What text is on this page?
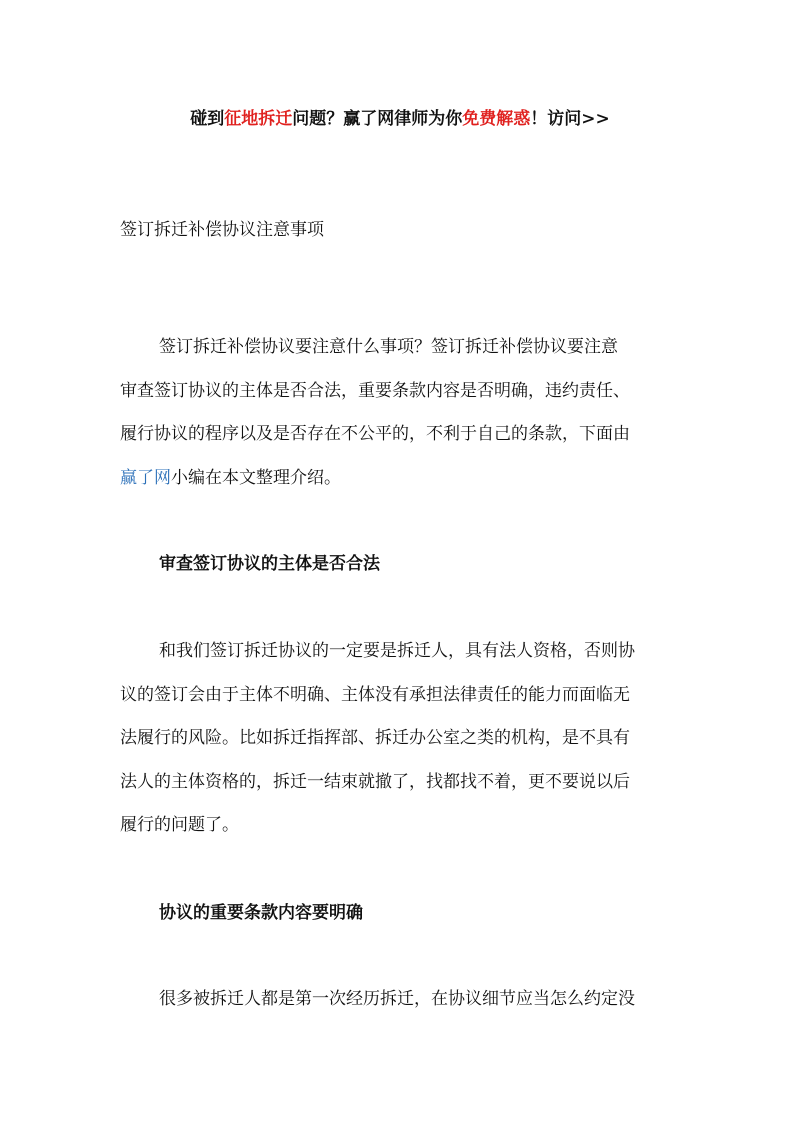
碰到征地拆迁问题？赢了网律师为你免费解惑！访问>>
签订拆迁补偿协议注意事项

签订拆迁补偿协议要注意什么事项？签订拆迁补偿协议要注意
审查签订协议的主体是否合法，重要条款内容是否明确，违约责任、
履行协议的程序以及是否存在不公平的，不利于自己的条款，下面由
赢了网小编在本文整理介绍。

审查签订协议的主体是否合法

和我们签订拆迁协议的一定要是拆迁人，具有法人资格，否则协
议的签订会由于主体不明确、主体没有承担法律责任的能力而面临无
法履行的风险。比如拆迁指挥部、拆迁办公室之类的机构，是不具有
法人的主体资格的，拆迁一结束就撤了，找都找不着，更不要说以后
履行的问题了。

协议的重要条款内容要明确

很多被拆迁人都是第一次经历拆迁，在协议细节应当怎么约定没
